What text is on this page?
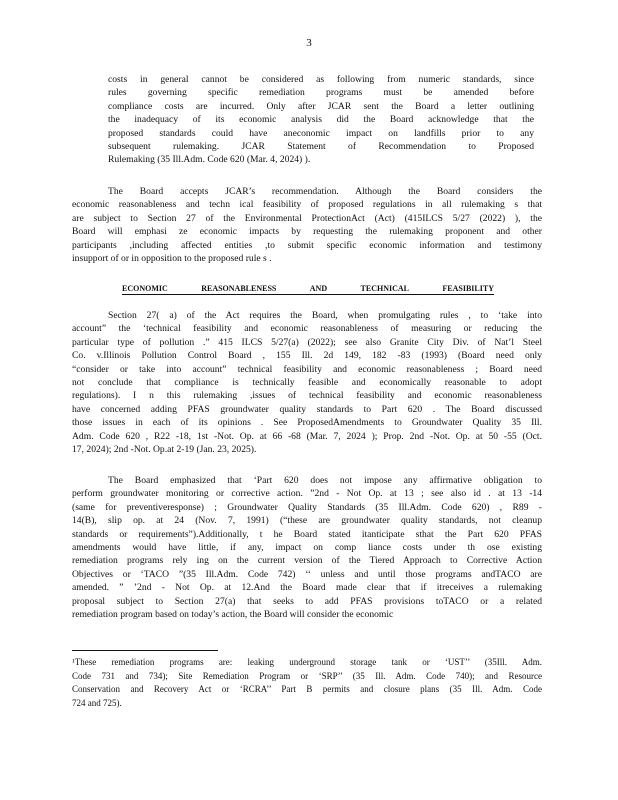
3
costs in general cannot be considered as following from numeric standards, since
rules governing specific remediation programs must be amended before
compliance costs are incurred. Only after JCAR sent the Board a letter outlining
the inadequacy of its economic analysis did the Board acknowledge that the
proposed standards could have aneconomic impact on landfills prior to any
subsequent rulemaking. JCAR Statement of Recommendation to Proposed
Rulemaking (35 Ill.Adm. Code 620 (Mar. 4, 2024) ).
The Board accepts JCAR’s recommendation. Although the Board considers the
economic reasonableness and techn ical feasibility of proposed regulations in all rulemaking s that
are subject to Section 27 of the Environmental ProtectionAct (Act) (415ILCS 5/27 (2022) ), the
Board will emphasi ze economic impacts by requesting the rulemaking proponent and other
participants ,including affected entities ,to submit specific economic information and testimony
insupport of or in opposition to the proposed rule s .
ECONOMIC	REASONABLENESS	AND	TECHNICAL	FEASIBILITY
Section 27( a) of the Act requires the Board, when promulgating rules , to ‘take into
account” the ‘technical feasibility and economic reasonableness of measuring or reducing the
particular type of pollution .” 415 ILCS 5/27(a) (2022); see also Granite City Div. of Nat’l Steel
Co. v.Illinois Pollution Control Board , 155 Ill. 2d 149, 182 -83 (1993) (Board need only
“consider or take into account” technical feasibility and economic reasonableness ; Board need
not conclude that compliance is technically feasible and economically reasonable to adopt
regulations). I n this rulemaking ,issues of technical feasibility and economic reasonableness
have concerned adding PFAS groundwater quality standards to Part 620 . The Board discussed
those issues in each of its opinions . See ProposedAmendments to Groundwater Quality 35 Ill.
Adm. Code 620 , R22 -18, 1st -Not. Op. at 66 -68 (Mar. 7, 2024 ); Prop. 2nd -Not. Op. at 50 -55 (Oct.
17, 2024); 2nd -Not. Op.at 2-19 (Jan. 23, 2025).
The Board emphasized that ‘Part 620 does not impose any affirmative obligation to
perform groundwater monitoring or corrective action. ”2nd - Not Op. at 13 ; see also id . at 13 -14
(same for preventiveresponse) ; Groundwater Quality Standards (35 Ill.Adm. Code 620) , R89 -
14(B), slip op. at 24 (Nov. 7, 1991) (“these are groundwater quality standards, not cleanup
standards or requirements”).Additionally, t he Board stated itanticipate sthat the Part 620 PFAS
amendments would have little, if any, impact on comp liance costs under th ose existing
remediation programs rely ing on the current version of the Tiered Approach to Corrective Action
Objectives or ‘TACO ”(35 Ill.Adm. Code 742) ‘‘ unless and until those programs andTACO are
amended. ” ’2nd - Not Op. at 12.And the Board made clear that if itreceives a rulemaking
proposal subject to Section 27(a) that seeks to add PFAS provisions toTACO or a related
remediation program based on today’s action, the Board will consider the economic
¹These remediation programs are: leaking underground storage tank or ‘UST’’ (35Ill. Adm.
Code 731 and 734); Site Remediation Program or ‘SRP’’ (35 Ill. Adm. Code 740); and Resource
Conservation and Recovery Act or ‘RCRA’’ Part B permits and closure plans (35 Ill. Adm. Code
724 and 725).
